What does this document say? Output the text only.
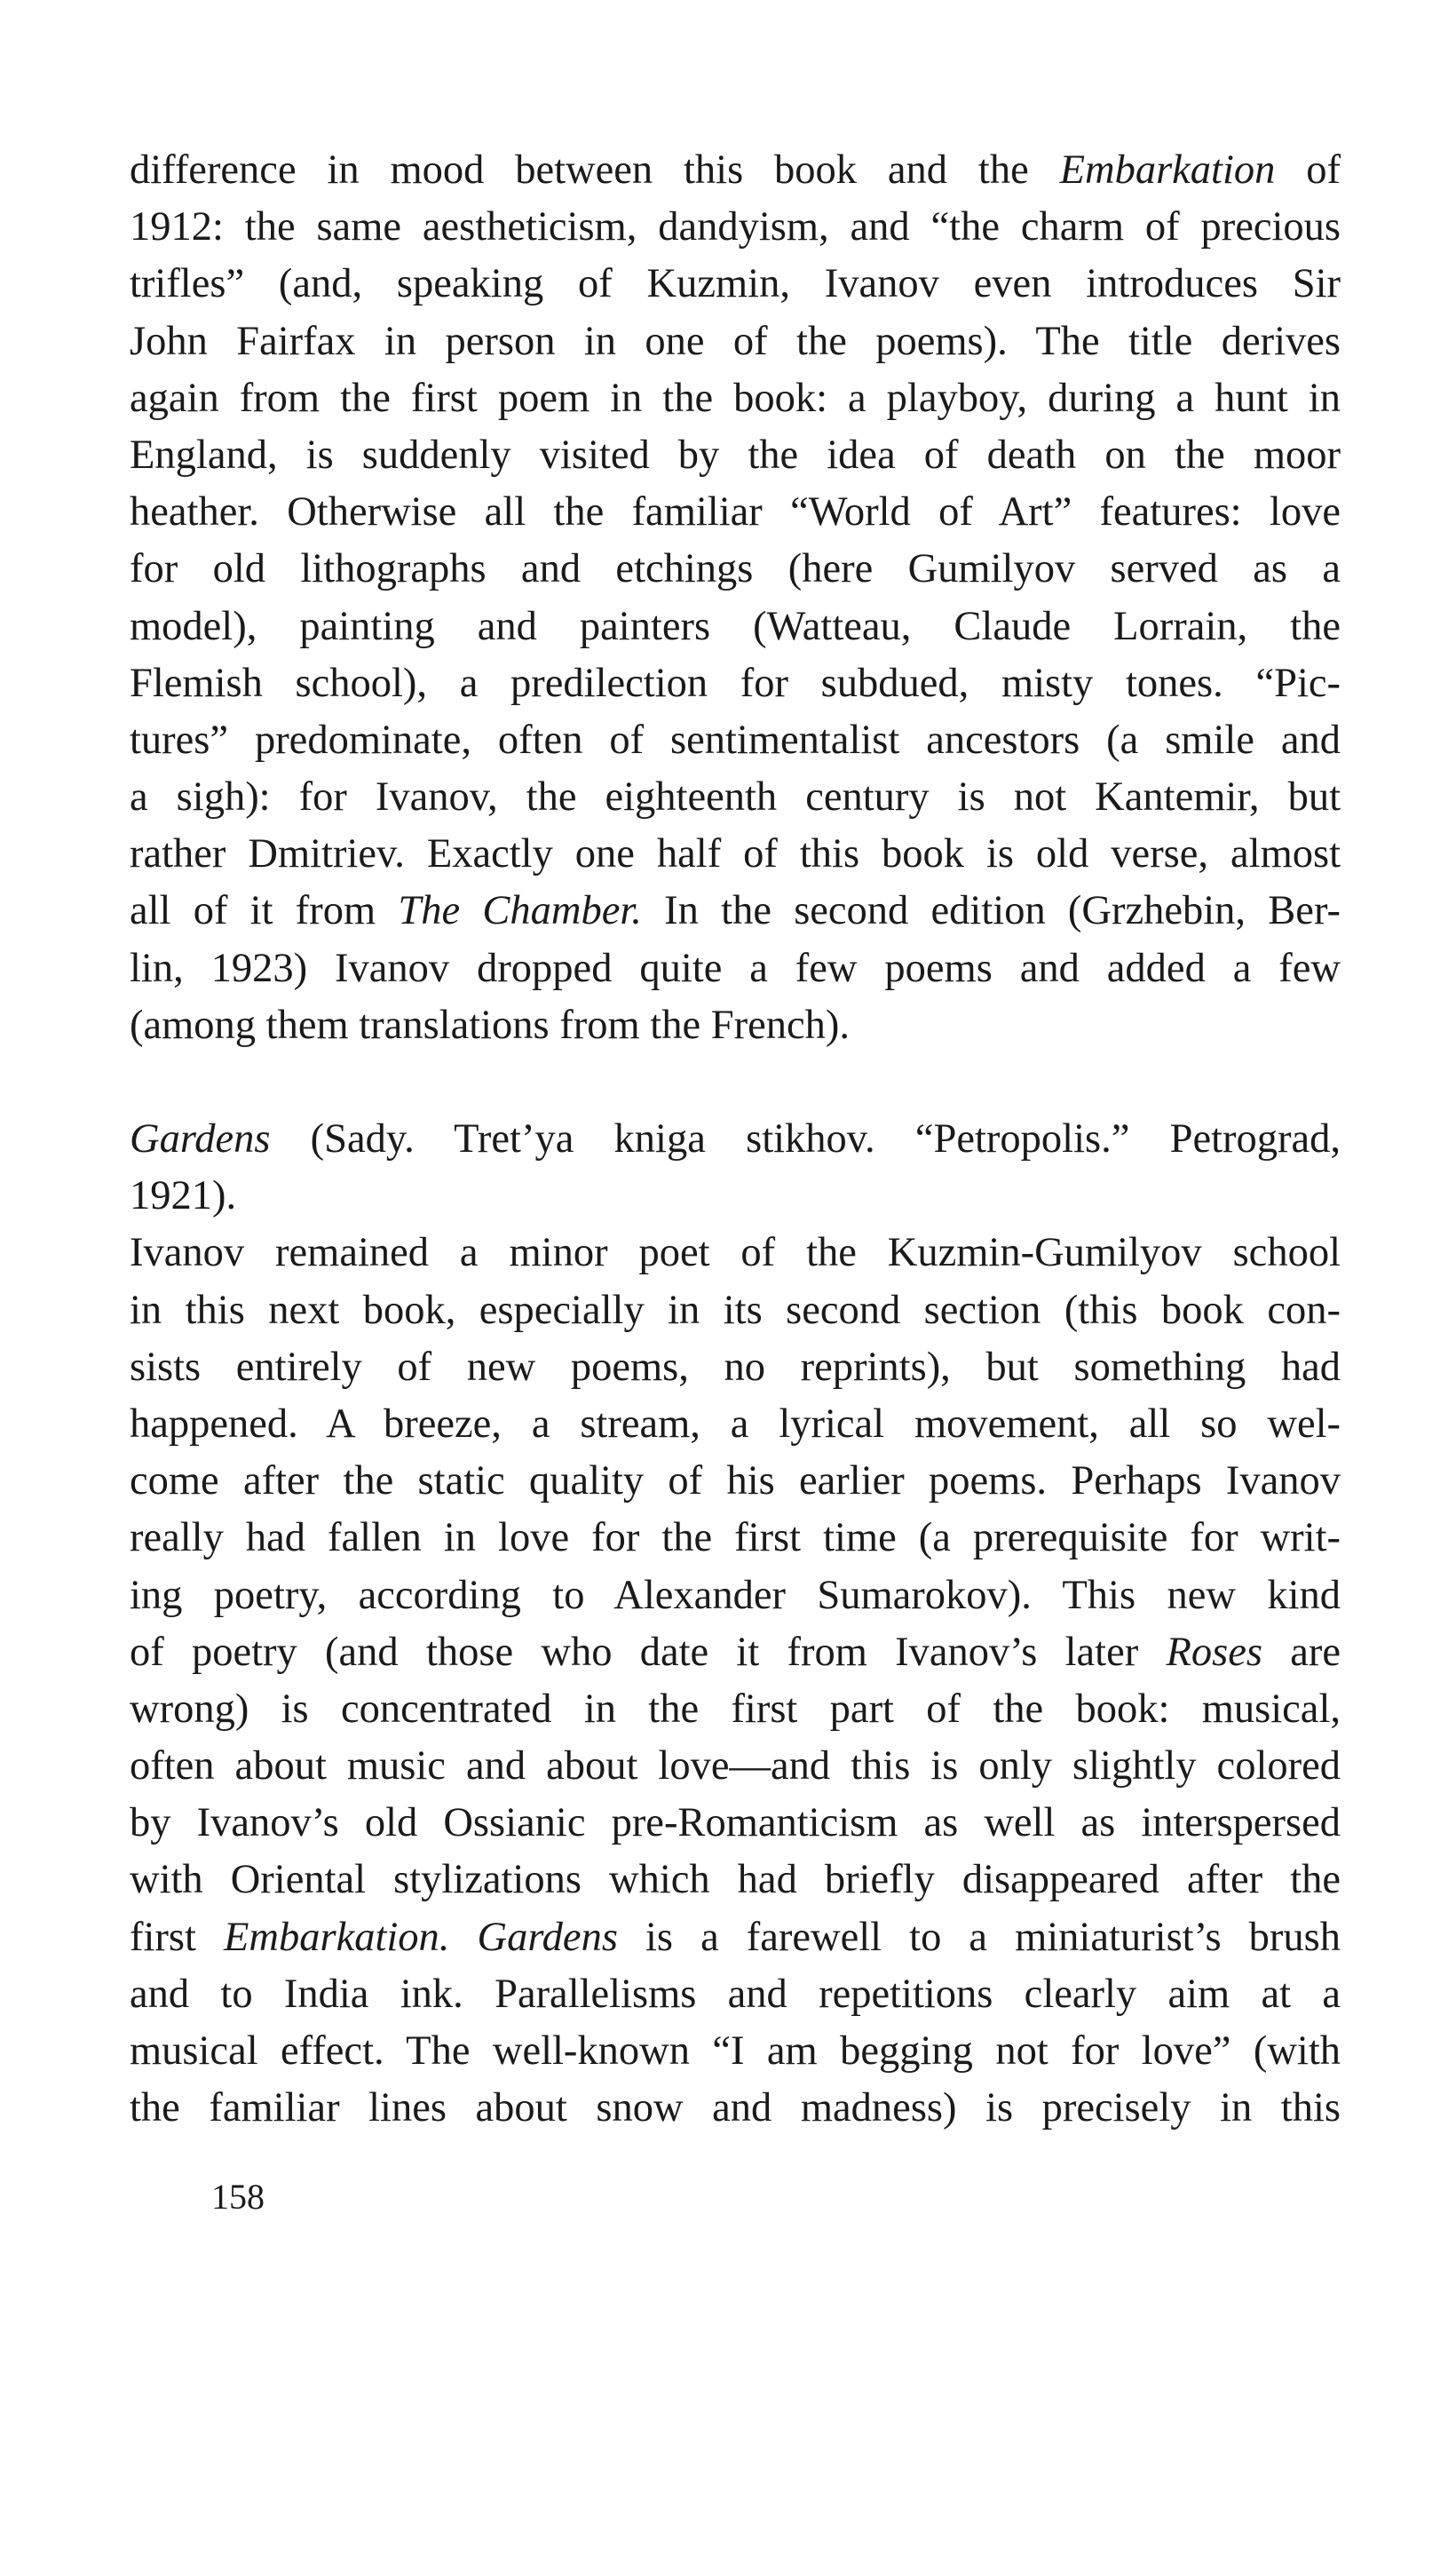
difference in mood between this book and the Embarkation of
1912: the same aestheticism, dandyism, and “the charm of precious
trifles” (and, speaking of Kuzmin, Ivanov even introduces Sir
John Fairfax in person in one of the poems). The title derives
again from the first poem in the book: a playboy, during a hunt in
England, is suddenly visited by the idea of death on the moor
heather. Otherwise all the familiar “World of Art” features: love
for old lithographs and etchings (here Gumilyov served as a
model), painting and painters (Watteau, Claude Lorrain, the
Flemish school), a predilection for subdued, misty tones. “Pic-
tures” predominate, often of sentimentalist ancestors (a smile and
a sigh): for Ivanov, the eighteenth century is not Kantemir, but
rather Dmitriev. Exactly one half of this book is old verse, almost
all of it from The Chamber. In the second edition (Grzhebin, Ber-
lin, 1923) Ivanov dropped quite a few poems and added a few
(among them translations from the French).
Gardens (Sady. Tret’ya kniga stikhov. “Petropolis.” Petrograd,
1921).
Ivanov remained a minor poet of the Kuzmin-Gumilyov school
in this next book, especially in its second section (this book con-
sists entirely of new poems, no reprints), but something had
happened. A breeze, a stream, a lyrical movement, all so wel-
come after the static quality of his earlier poems. Perhaps Ivanov
really had fallen in love for the first time (a prerequisite for writ-
ing poetry, according to Alexander Sumarokov). This new kind
of poetry (and those who date it from Ivanov’s later Roses are
wrong) is concentrated in the first part of the book: musical,
often about music and about love—and this is only slightly colored
by Ivanov’s old Ossianic pre-Romanticism as well as interspersed
with Oriental stylizations which had briefly disappeared after the
first Embarkation. Gardens is a farewell to a miniaturist’s brush
and to India ink. Parallelisms and repetitions clearly aim at a
musical effect. The well-known “I am begging not for love” (with
the familiar lines about snow and madness) is precisely in this
158
